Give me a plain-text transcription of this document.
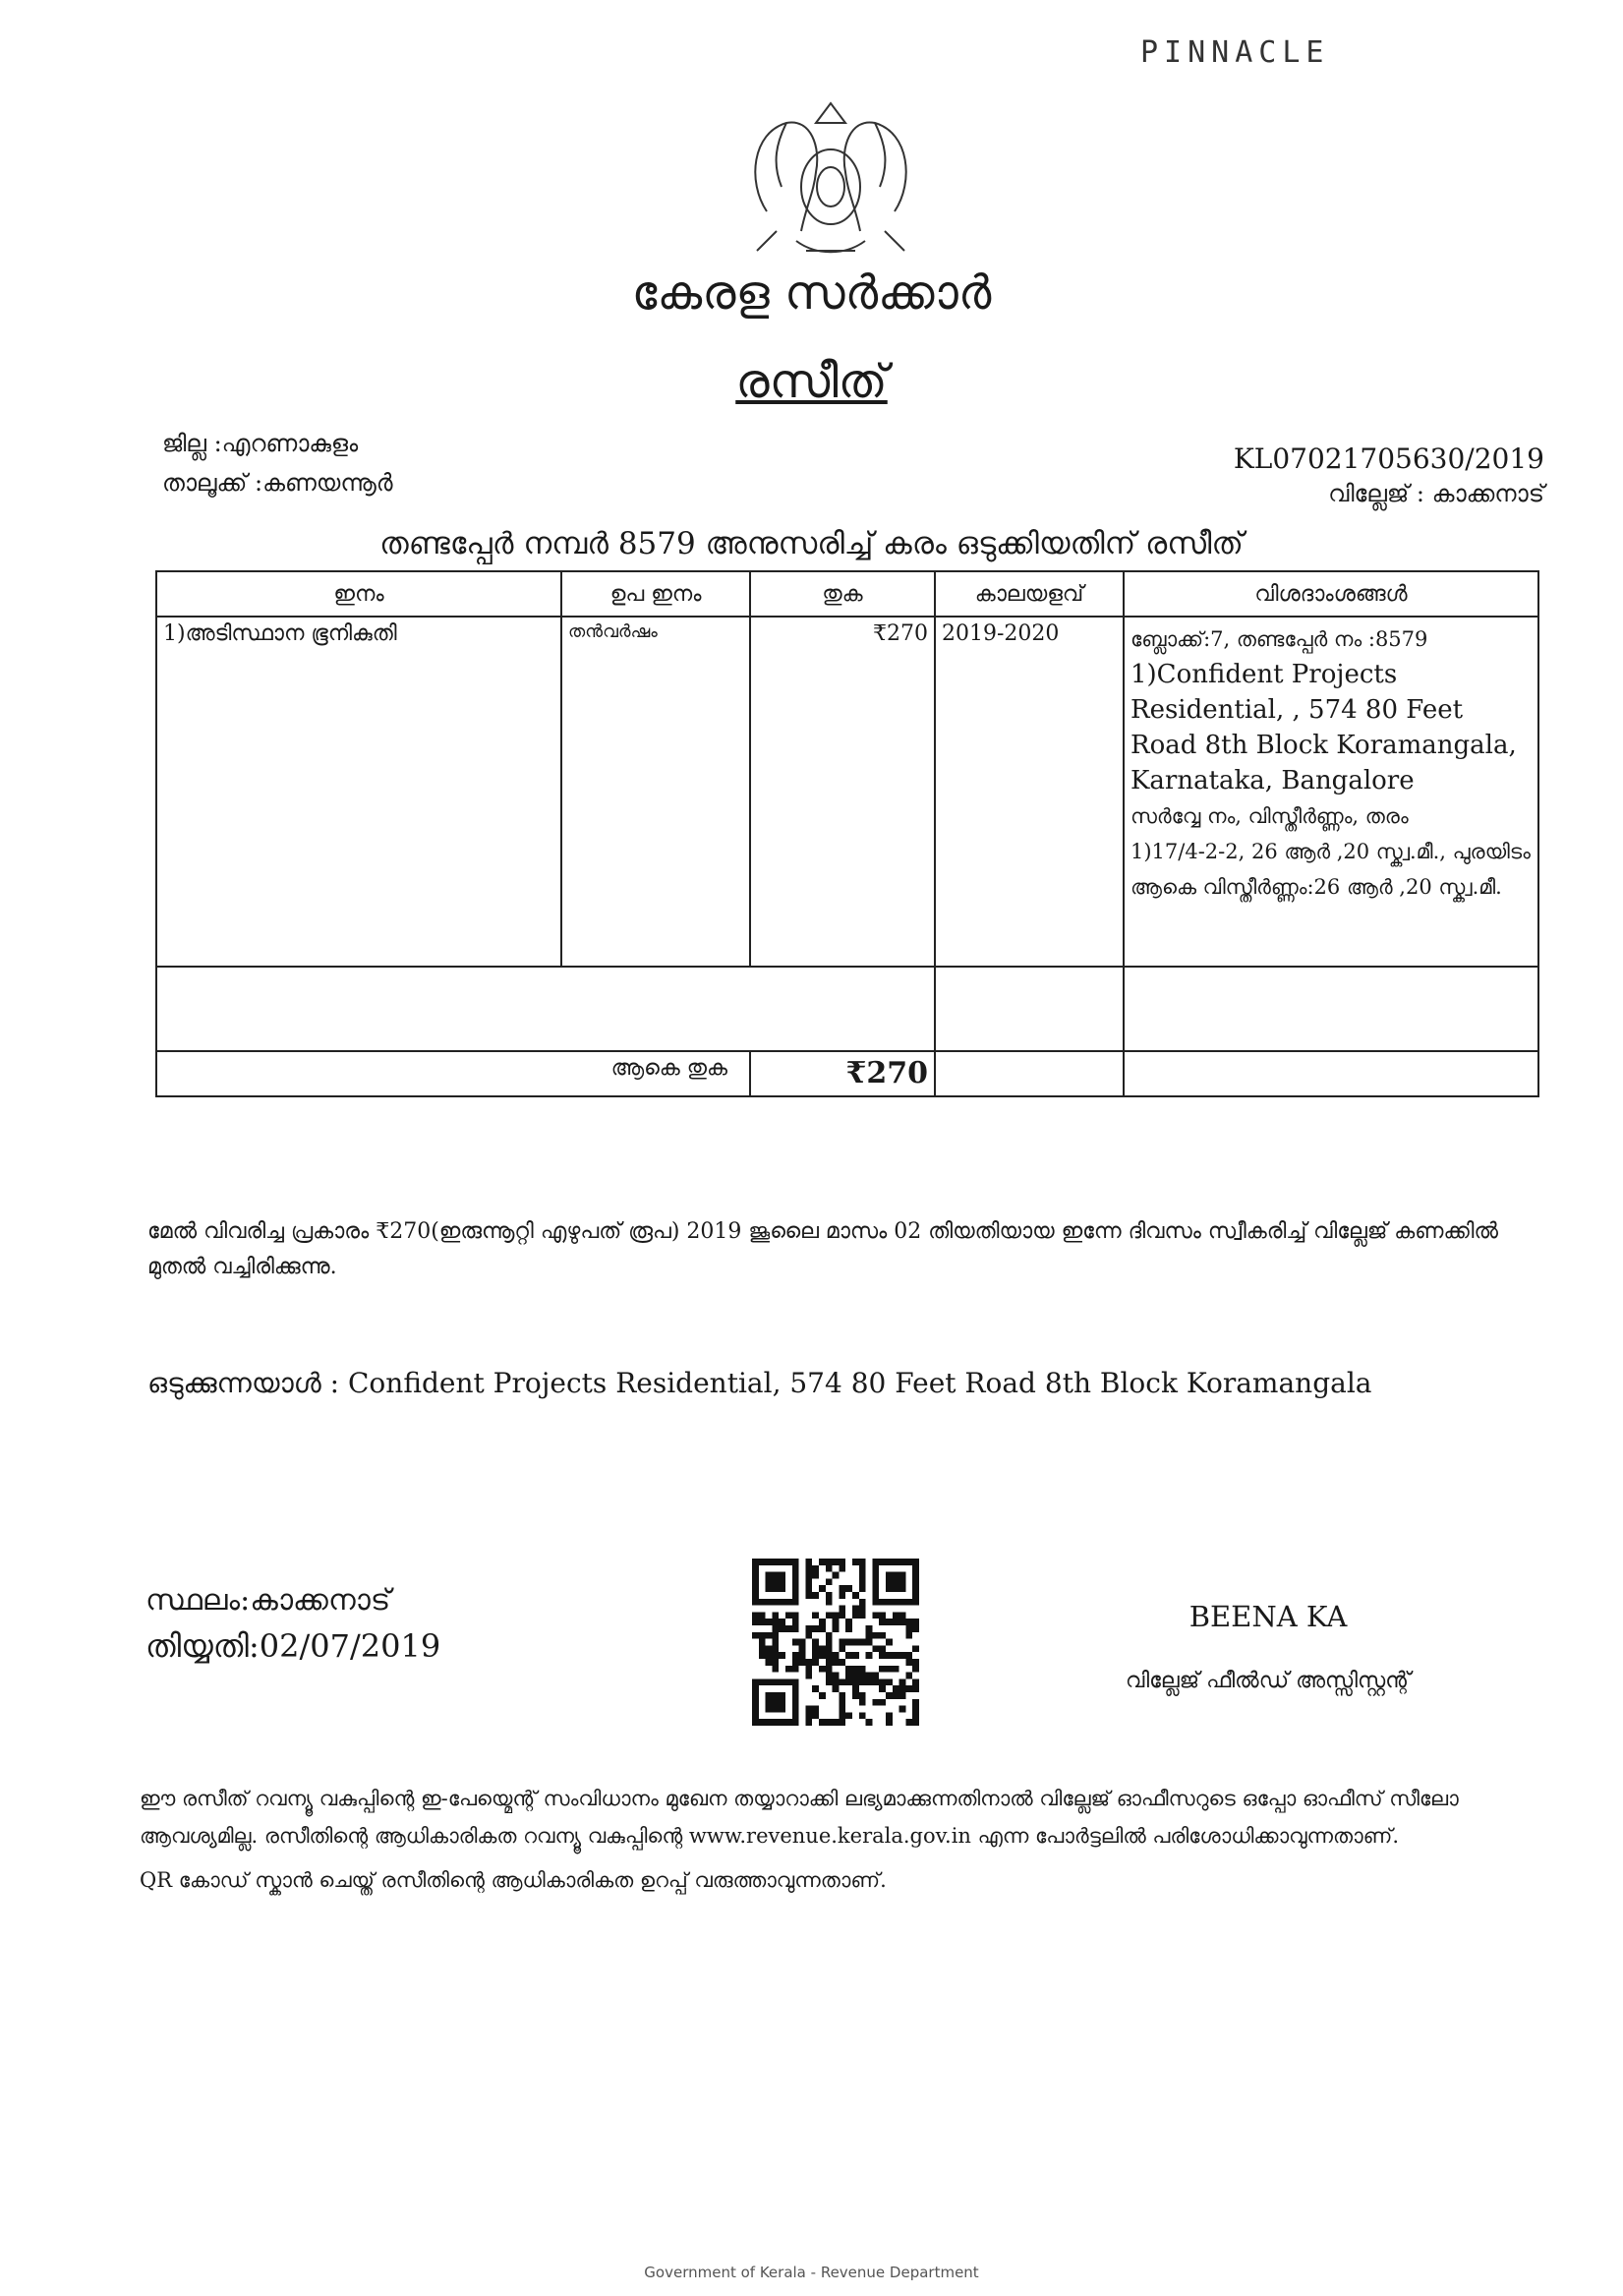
PINNACLE
കേരള സർക്കാർ
രസീത്
ജില്ല :എറണാകുളം
താലൂക്ക് :കണയന്നൂർ
KL07021705630/2019
വില്ലേജ് : കാക്കനാട്
തണ്ടപ്പേർ നമ്പർ 8579 അനുസരിച്ച് കരം ഒടുക്കിയതിന് രസീത്
ഇനം	ഉപ ഇനം	തുക	കാലയളവ്	വിശദാംശങ്ങൾ
1)അടിസ്ഥാന ഭൂനികുതി	തൻവർഷം	₹270	2019-2020	ബ്ലോക്ക്:7, തണ്ടപ്പേർ നം :8579
1)Confident Projects Residential, , 574 80 Feet Road 8th Block Koramangala, Karnataka, Bangalore
സർവ്വേ നം, വിസ്തീർണ്ണം, തരം
1)17/4-2-2, 26 ആർ ,20 സ്ക്വ.മീ., പുരയിടം
ആകെ വിസ്തീർണ്ണം:26 ആർ ,20 സ്ക്വ.മീ.

ആകെ തുക		₹270		
മേൽ വിവരിച്ച പ്രകാരം ₹270(ഇരുന്നൂറ്റി എഴുപത് രൂപ) 2019 ജൂലൈ മാസം 02 തിയതിയായ ഇന്നേ ദിവസം സ്വീകരിച്ച് വില്ലേജ് കണക്കിൽ മുതൽ വച്ചിരിക്കുന്നു.
ഒടുക്കുന്നയാൾ : Confident Projects Residential, 574 80 Feet Road 8th Block Koramangala
സ്ഥലം:കാക്കനാട്
തിയ്യതി:02/07/2019
BEENA KA
വില്ലേജ് ഫീൽഡ് അസ്സിസ്റ്റന്റ്
ഈ രസീത് റവന്യൂ വകുപ്പിന്റെ ഇ-പേയ്മെന്റ് സംവിധാനം മുഖേന തയ്യാറാക്കി ലഭ്യമാക്കുന്നതിനാൽ വില്ലേജ് ഓഫീസറുടെ ഒപ്പോ ഓഫീസ് സീലോ ആവശ്യമില്ല. രസീതിന്റെ ആധികാരികത റവന്യൂ വകുപ്പിന്റെ www.revenue.kerala.gov.in എന്ന പോർട്ടലിൽ പരിശോധിക്കാവുന്നതാണ്.
QR കോഡ് സ്കാൻ ചെയ്ത് രസീതിന്റെ ആധികാരികത ഉറപ്പ് വരുത്താവുന്നതാണ്.
Government of Kerala - Revenue Department
